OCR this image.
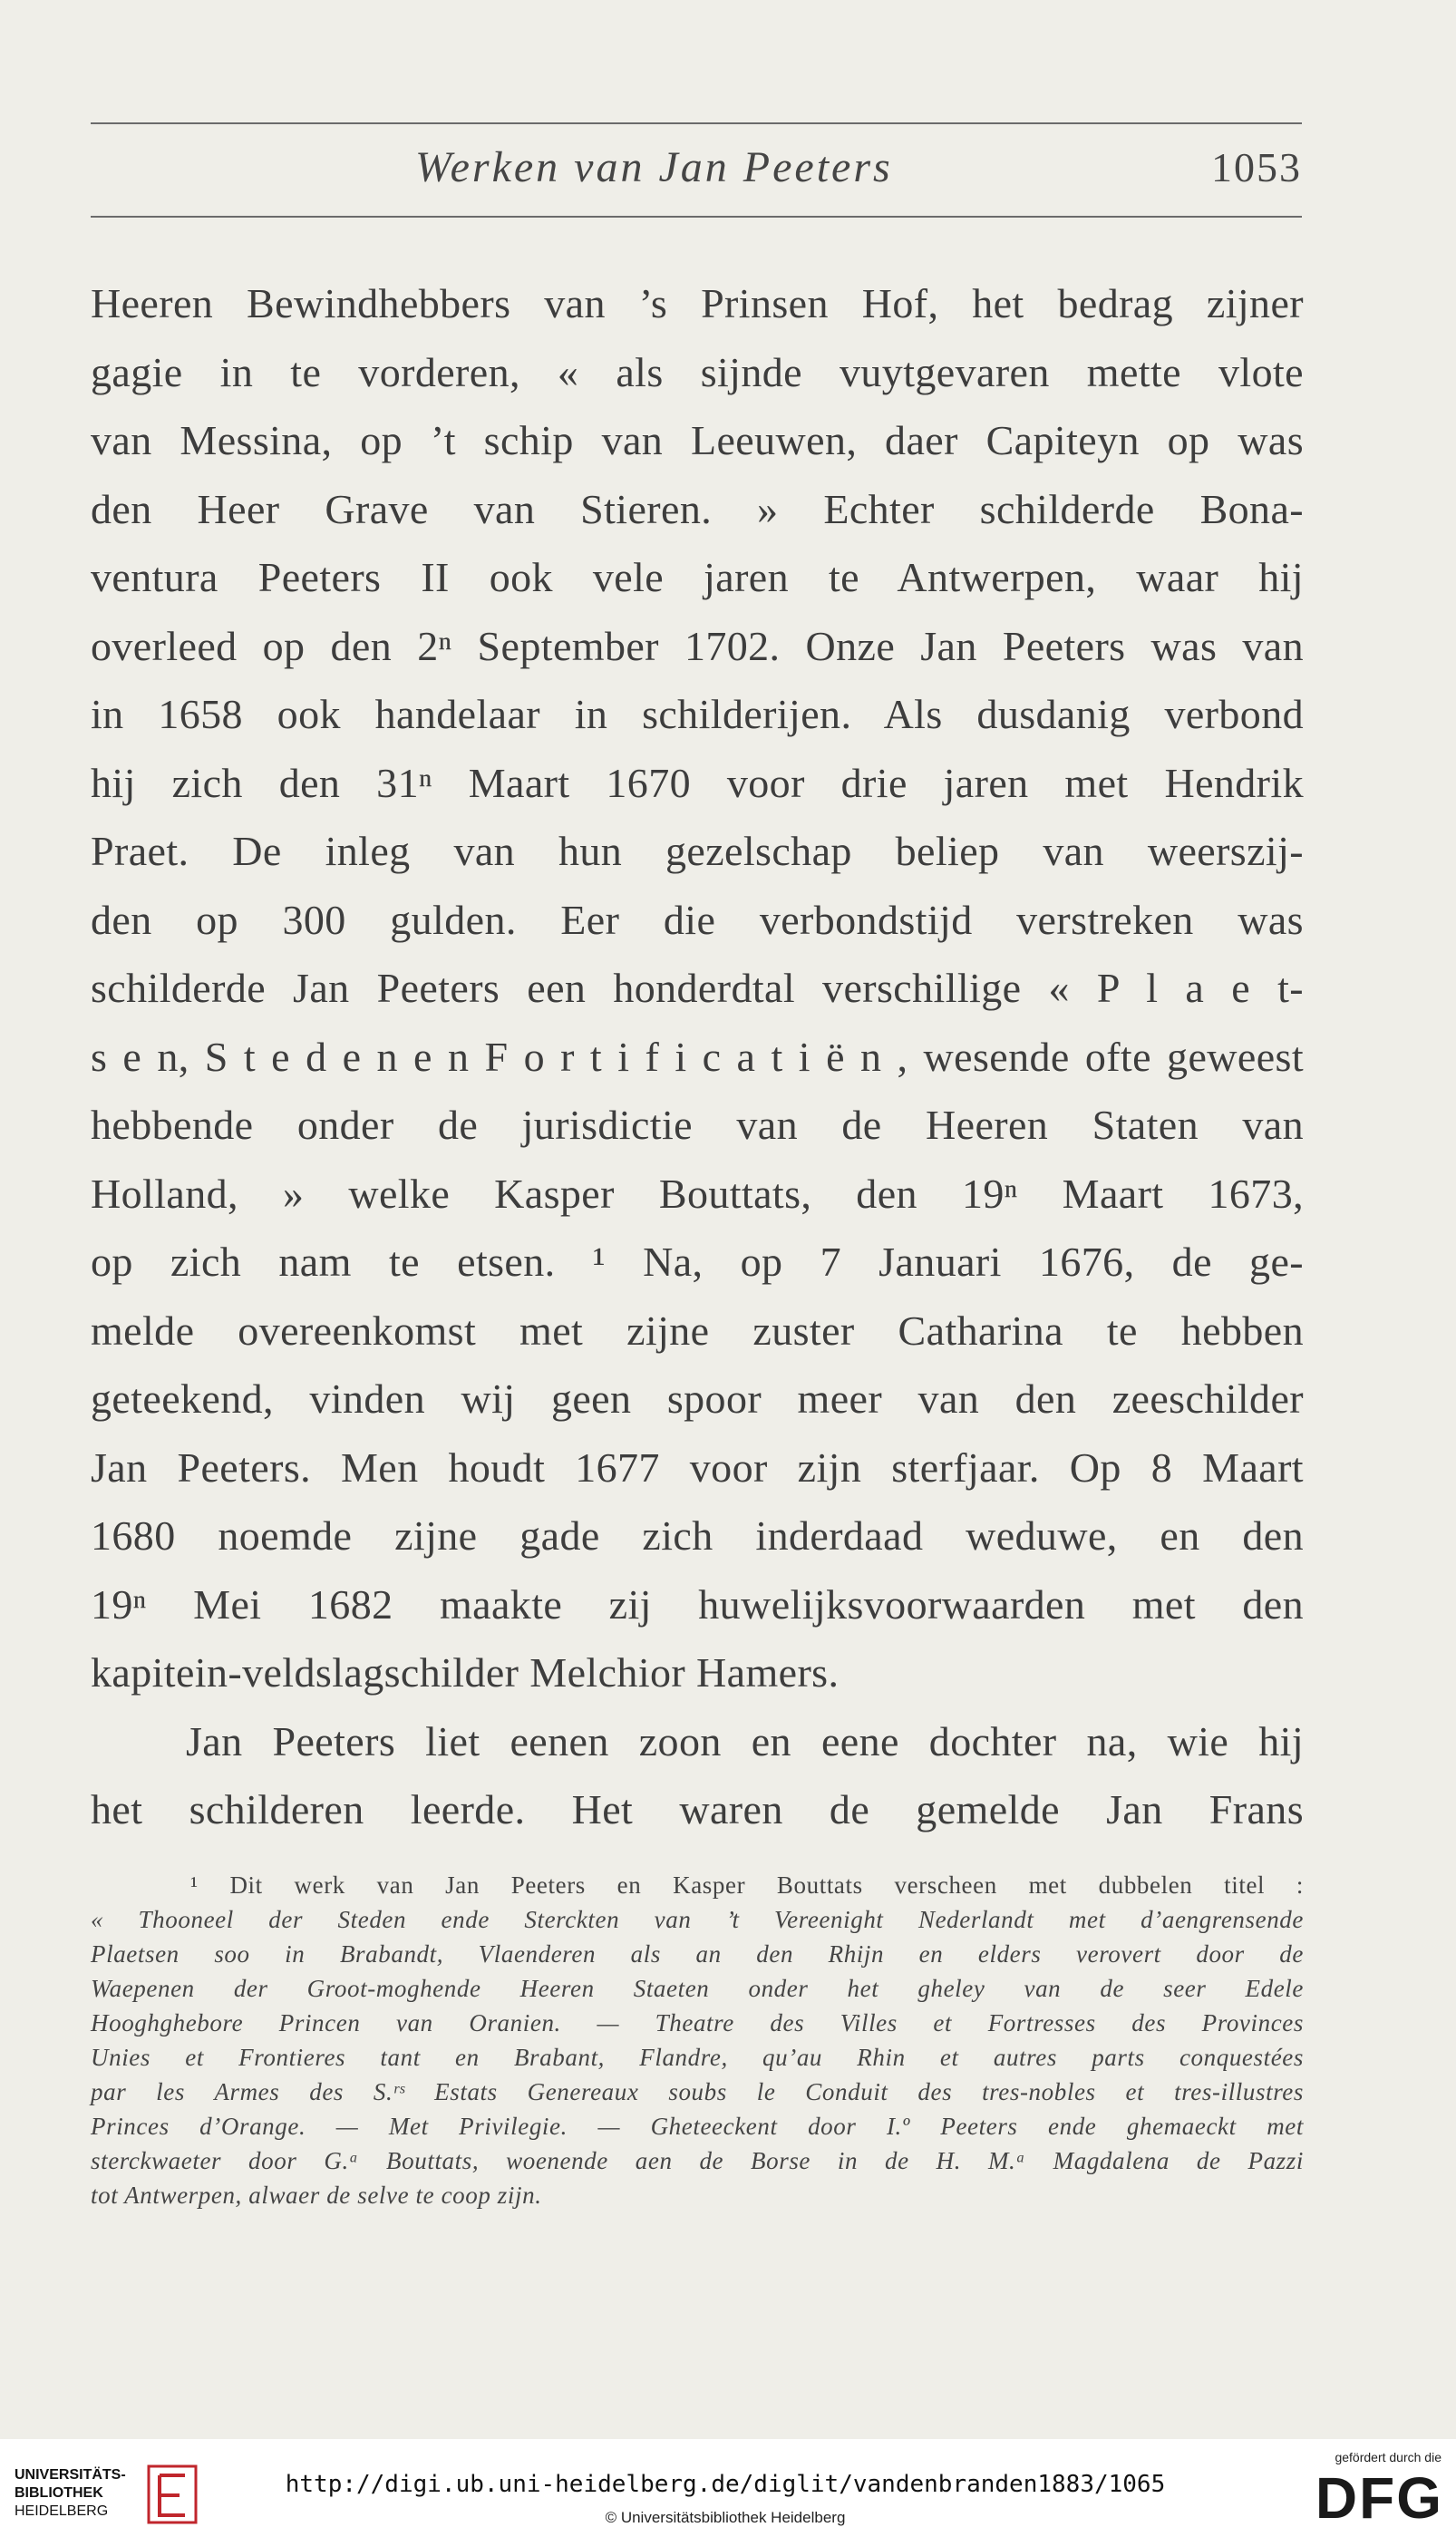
Werken van Jan Peeters	1053
Heeren Bewindhebbers van ’s Prinsen Hof, het bedrag zijner
gagie in te vorderen, « als sijnde vuytgevaren mette vlote
van Messina, op ’t schip van Leeuwen, daer Capiteyn op was
den Heer Grave van Stieren. » Echter schilderde Bona-
ventura Peeters II ook vele jaren te Antwerpen, waar hij
overleed op den 2ⁿ September 1702. Onze Jan Peeters was van
in 1658 ook handelaar in schilderijen. Als dusdanig verbond
hij zich den 31ⁿ Maart 1670 voor drie jaren met Hendrik
Praet. De inleg van hun gezelschap beliep van weerszij-
den op 300 gulden. Eer die verbondstijd verstreken was
schilderde Jan Peeters een honderdtal verschillige « P l a e t-
s e n, S t e d e n e n F o r t i f i c a t i ë n , wesende ofte geweest
hebbende onder de jurisdictie van de Heeren Staten van
Holland, » welke Kasper Bouttats, den 19ⁿ Maart 1673,
op zich nam te etsen. ¹ Na, op 7 Januari 1676, de ge-
melde overeenkomst met zijne zuster Catharina te hebben
geteekend, vinden wij geen spoor meer van den zeeschilder
Jan Peeters. Men houdt 1677 voor zijn sterfjaar. Op 8 Maart
1680 noemde zijne gade zich inderdaad weduwe, en den
19ⁿ Mei 1682 maakte zij huwelijksvoorwaarden met den
kapitein-veldslagschilder Melchior Hamers.
Jan Peeters liet eenen zoon en eene dochter na, wie hij
het schilderen leerde. Het waren de gemelde Jan Frans
¹ Dit werk van Jan Peeters en Kasper Bouttats verscheen met dubbelen titel :
« Thooneel der Steden ende Sterckten van ’t Vereenight Nederlandt met d’aengrensende
Plaetsen soo in Brabandt, Vlaenderen als an den Rhijn en elders verovert door de
Waepenen der Groot-moghende Heeren Staeten onder het gheley van de seer Edele
Hooghghebore Princen van Oranien. — Theatre des Villes et Fortresses des Provinces
Unies et Frontieres tant en Brabant, Flandre, qu’au Rhin et autres parts conquestées
par les Armes des S.ʳˢ Estats Genereaux soubs le Conduit des tres-nobles et tres-illustres
Princes d’Orange. — Met Privilegie. — Gheteeckent door I.º Peeters ende ghemaeckt met
sterckwaeter door G.ᵃ Bouttats, woenende aen de Borse in de H. M.ᵃ Magdalena de Pazzi
tot Antwerpen, alwaer de selve te coop zijn.
UNIVERSITÄTS-
BIBLIOTHEK
HEIDELBERG
http://digi.ub.uni-heidelberg.de/diglit/vandenbranden1883/1065
© Universitätsbibliothek Heidelberg
gefördert durch die
DFG
